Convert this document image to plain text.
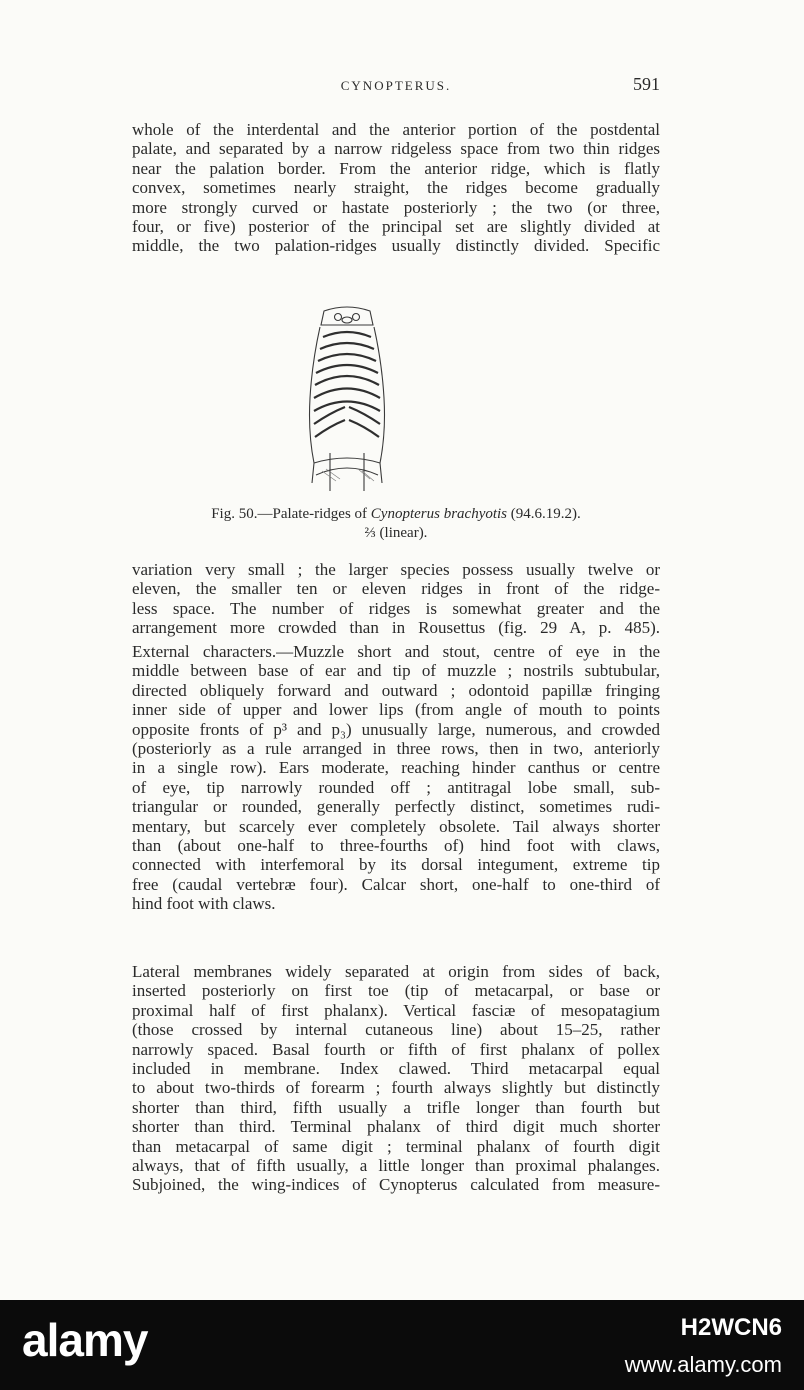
CYNOPTERUS.	591
whole of the interdental and the anterior portion of the postdental
palate, and separated by a narrow ridgeless space from two thin ridges
near the palation border. From the anterior ridge, which is flatly
convex, sometimes nearly straight, the ridges become gradually
more strongly curved or hastate posteriorly ; the two (or three,
four, or five) posterior of the principal set are slightly divided at
middle, the two palation-ridges usually distinctly divided. Specific
Fig. 50.—Palate-ridges of Cynopterus brachyotis (94.6.19.2).
⅔ (linear).
variation very small ; the larger species possess usually twelve or
eleven, the smaller ten or eleven ridges in front of the ridge-
less space. The number of ridges is somewhat greater and the
arrangement more crowded than in Rousettus (fig. 29 A, p. 485).
External characters.—Muzzle short and stout, centre of eye in the
middle between base of ear and tip of muzzle ; nostrils subtubular,
directed obliquely forward and outward ; odontoid papillæ fringing
inner side of upper and lower lips (from angle of mouth to points
opposite fronts of p³ and p₃) unusually large, numerous, and crowded
(posteriorly as a rule arranged in three rows, then in two, anteriorly
in a single row). Ears moderate, reaching hinder canthus or centre
of eye, tip narrowly rounded off ; antitragal lobe small, sub-
triangular or rounded, generally perfectly distinct, sometimes rudi-
mentary, but scarcely ever completely obsolete. Tail always shorter
than (about one-half to three-fourths of) hind foot with claws,
connected with interfemoral by its dorsal integument, extreme tip
free (caudal vertebræ four). Calcar short, one-half to one-third of
hind foot with claws.
Lateral membranes widely separated at origin from sides of back,
inserted posteriorly on first toe (tip of metacarpal, or base or
proximal half of first phalanx). Vertical fasciæ of mesopatagium
(those crossed by internal cutaneous line) about 15–25, rather
narrowly spaced. Basal fourth or fifth of first phalanx of pollex
included in membrane. Index clawed. Third metacarpal equal
to about two-thirds of forearm ; fourth always slightly but distinctly
shorter than third, fifth usually a trifle longer than fourth but
shorter than third. Terminal phalanx of third digit much shorter
than metacarpal of same digit ; terminal phalanx of fourth digit
always, that of fifth usually, a little longer than proximal phalanges.
Subjoined, the wing-indices of Cynopterus calculated from measure-
alamy	H2WCN6
www.alamy.com
